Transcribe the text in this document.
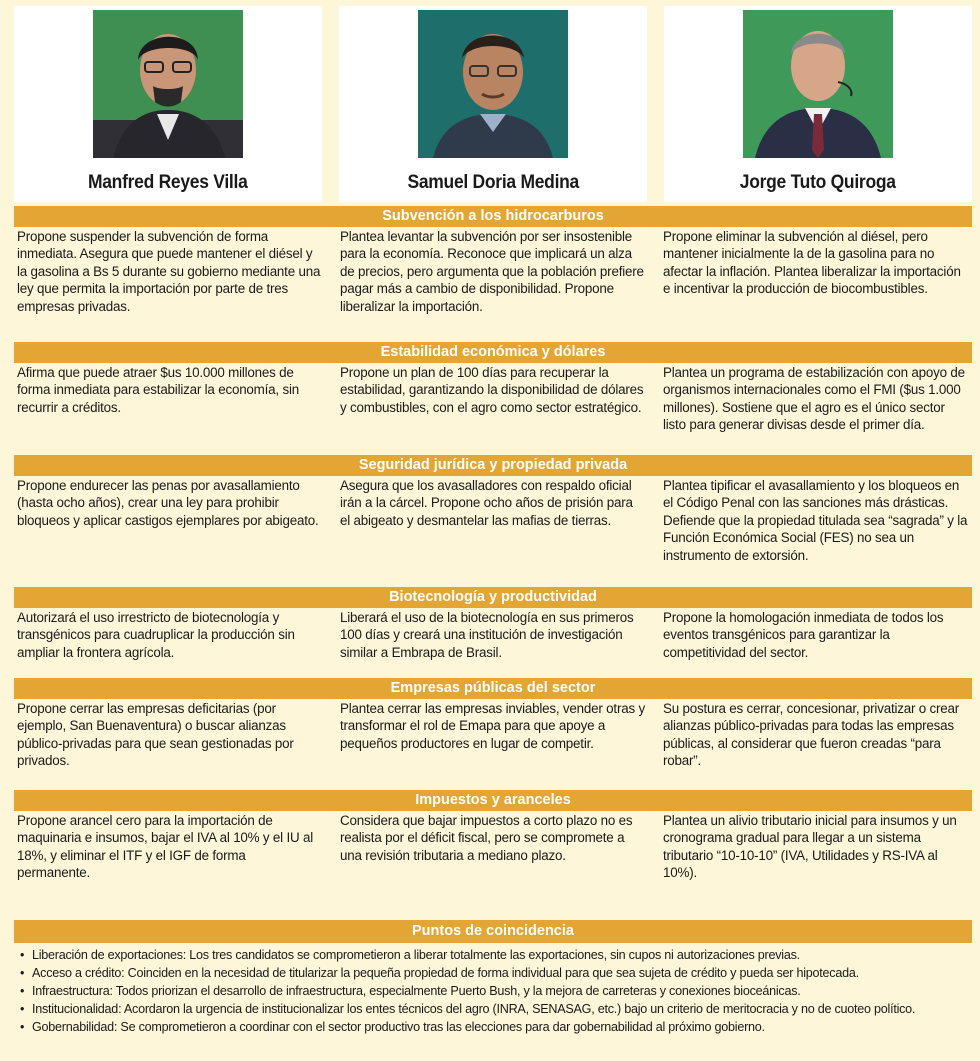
Manfred Reyes Villa	Samuel Doria Medina	Jorge Tuto Quiroga
Subvención a los hidrocarburos
Propone suspender la subvención de forma inmediata. Asegura que puede mantener el diésel y la gasolina a Bs 5 durante su gobierno mediante una ley que permita la importación por parte de tres empresas privadas.
Plantea levantar la subvención por ser insostenible para la economía. Reconoce que implicará un alza de precios, pero argumenta que la población prefiere pagar más a cambio de disponibilidad. Propone liberalizar la importación.
Propone eliminar la subvención al diésel, pero mantener inicialmente la de la gasolina para no afectar la inflación. Plantea liberalizar la importación e incentivar la producción de biocombustibles.
Estabilidad económica y dólares
Afirma que puede atraer $us 10.000 millones de forma inmediata para estabilizar la economía, sin recurrir a créditos.
Propone un plan de 100 días para recuperar la estabilidad, garantizando la disponibilidad de dólares y combustibles, con el agro como sector estratégico.
Plantea un programa de estabilización con apoyo de organismos internacionales como el FMI ($us 1.000 millones). Sostiene que el agro es el único sector listo para generar divisas desde el primer día.
Seguridad jurídica y propiedad privada
Propone endurecer las penas por avasallamiento (hasta ocho años), crear una ley para prohibir bloqueos y aplicar castigos ejemplares por abigeato.
Asegura que los avasalladores con respaldo oficial irán a la cárcel. Propone ocho años de prisión para el abigeato y desmantelar las mafias de tierras.
Plantea tipificar el avasallamiento y los bloqueos en el Código Penal con las sanciones más drásticas. Defiende que la propiedad titulada sea “sagrada” y la Función Económica Social (FES) no sea un instrumento de extorsión.
Biotecnología y productividad
Autorizará el uso irrestricto de biotecnología y transgénicos para cuadruplicar la producción sin ampliar la frontera agrícola.
Liberará el uso de la biotecnología en sus primeros 100 días y creará una institución de investigación similar a Embrapa de Brasil.
Propone la homologación inmediata de todos los eventos transgénicos para garantizar la competitividad del sector.
Empresas públicas del sector
Propone cerrar las empresas deficitarias (por ejemplo, San Buenaventura) o buscar alianzas público-privadas para que sean gestionadas por privados.
Plantea cerrar las empresas inviables, vender otras y transformar el rol de Emapa para que apoye a pequeños productores en lugar de competir.
Su postura es cerrar, concesionar, privatizar o crear alianzas público-privadas para todas las empresas públicas, al considerar que fueron creadas “para robar”.
Impuestos y aranceles
Propone arancel cero para la importación de maquinaria e insumos, bajar el IVA al 10% y el IU al 18%, y eliminar el ITF y el IGF de forma permanente.
Considera que bajar impuestos a corto plazo no es realista por el déficit fiscal, pero se compromete a una revisión tributaria a mediano plazo.
Plantea un alivio tributario inicial para insumos y un cronograma gradual para llegar a un sistema tributario “10-10-10” (IVA, Utilidades y RS-IVA al 10%).
Puntos de coincidencia
• Liberación de exportaciones: Los tres candidatos se comprometieron a liberar totalmente las exportaciones, sin cupos ni autorizaciones previas.
• Acceso a crédito: Coinciden en la necesidad de titularizar la pequeña propiedad de forma individual para que sea sujeta de crédito y pueda ser hipotecada.
• Infraestructura: Todos priorizan el desarrollo de infraestructura, especialmente Puerto Bush, y la mejora de carreteras y conexiones bioceánicas.
• Institucionalidad: Acordaron la urgencia de institucionalizar los entes técnicos del agro (INRA, SENASAG, etc.) bajo un criterio de meritocracia y no de cuoteo político.
• Gobernabilidad: Se comprometieron a coordinar con el sector productivo tras las elecciones para dar gobernabilidad al próximo gobierno.
